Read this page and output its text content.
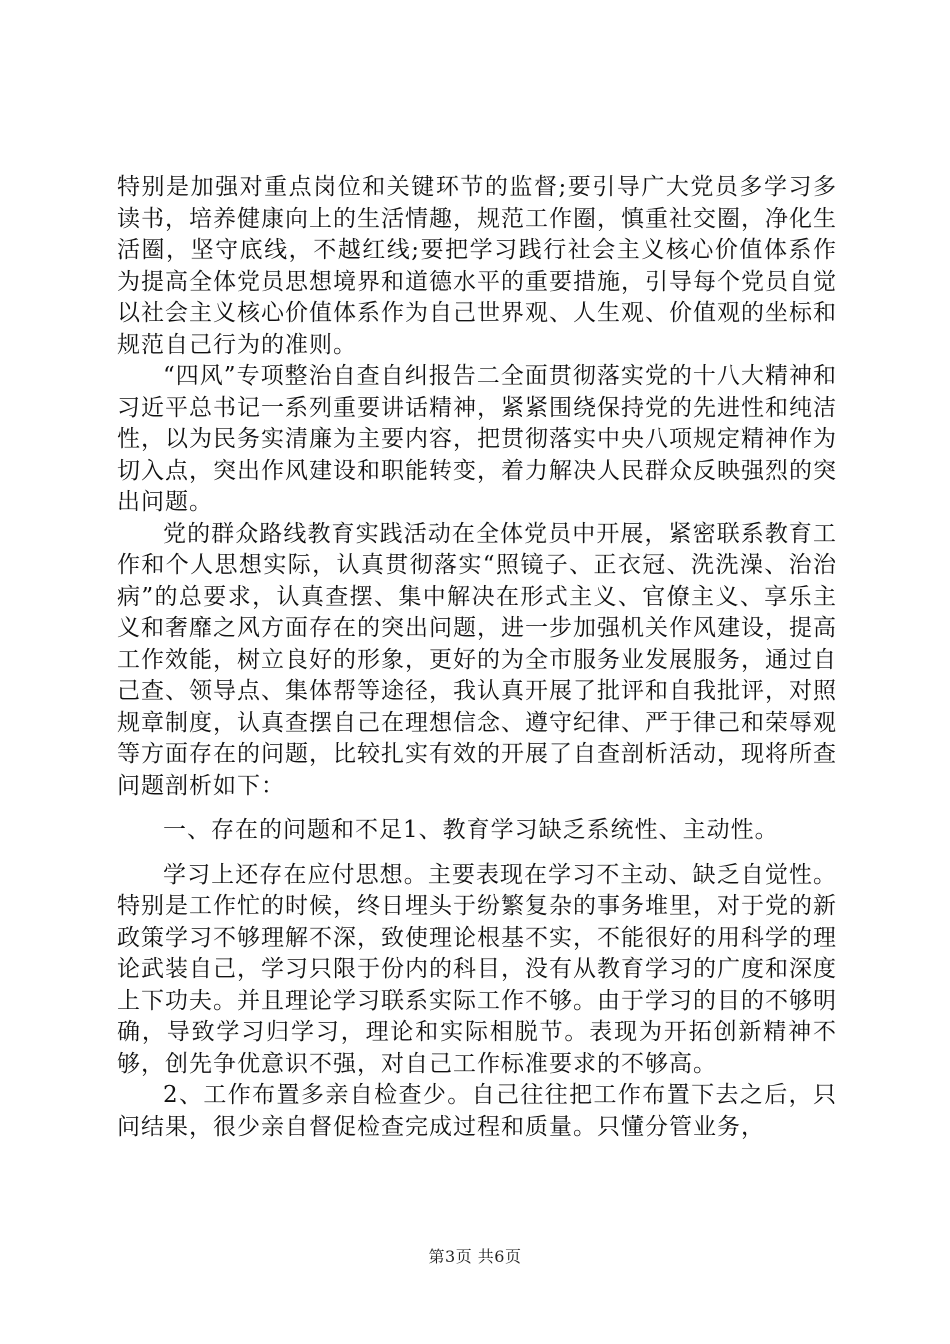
特别是加强对重点岗位和关键环节的监督;要引导广大党员多学习多读书，培养健康向上的生活情趣，规范工作圈，慎重社交圈，净化生活圈，坚守底线，不越红线;要把学习践行社会主义核心价值体系作为提高全体党员思想境界和道德水平的重要措施，引导每个党员自觉以社会主义核心价值体系作为自己世界观、人生观、价值观的坐标和规范自己行为的准则。

“四风”专项整治自查自纠报告二全面贯彻落实党的十八大精神和习近平总书记一系列重要讲话精神，紧紧围绕保持党的先进性和纯洁性，以为民务实清廉为主要内容，把贯彻落实中央八项规定精神作为切入点，突出作风建设和职能转变，着力解决人民群众反映强烈的突出问题。

党的群众路线教育实践活动在全体党员中开展，紧密联系教育工作和个人思想实际，认真贯彻落实“照镜子、正衣冠、洗洗澡、治治病”的总要求，认真查摆、集中解决在形式主义、官僚主义、享乐主义和奢靡之风方面存在的突出问题，进一步加强机关作风建设，提高工作效能，树立良好的形象，更好的为全市服务业发展服务，通过自己查、领导点、集体帮等途径，我认真开展了批评和自我批评，对照规章制度，认真查摆自己在理想信念、遵守纪律、严于律己和荣辱观等方面存在的问题，比较扎实有效的开展了自查剖析活动，现将所查问题剖析如下：

一、存在的问题和不足1、教育学习缺乏系统性、主动性。

学习上还存在应付思想。主要表现在学习不主动、缺乏自觉性。特别是工作忙的时候，终日埋头于纷繁复杂的事务堆里，对于党的新政策学习不够理解不深，致使理论根基不实，不能很好的用科学的理论武装自己，学习只限于份内的科目，没有从教育学习的广度和深度上下功夫。并且理论学习联系实际工作不够。由于学习的目的不够明确，导致学习归学习，理论和实际相脱节。表现为开拓创新精神不够，创先争优意识不强，对自己工作标准要求的不够高。

2、工作布置多亲自检查少。自己往往把工作布置下去之后，只问结果，很少亲自督促检查完成过程和质量。只懂分管业务，

第3页 共6页
